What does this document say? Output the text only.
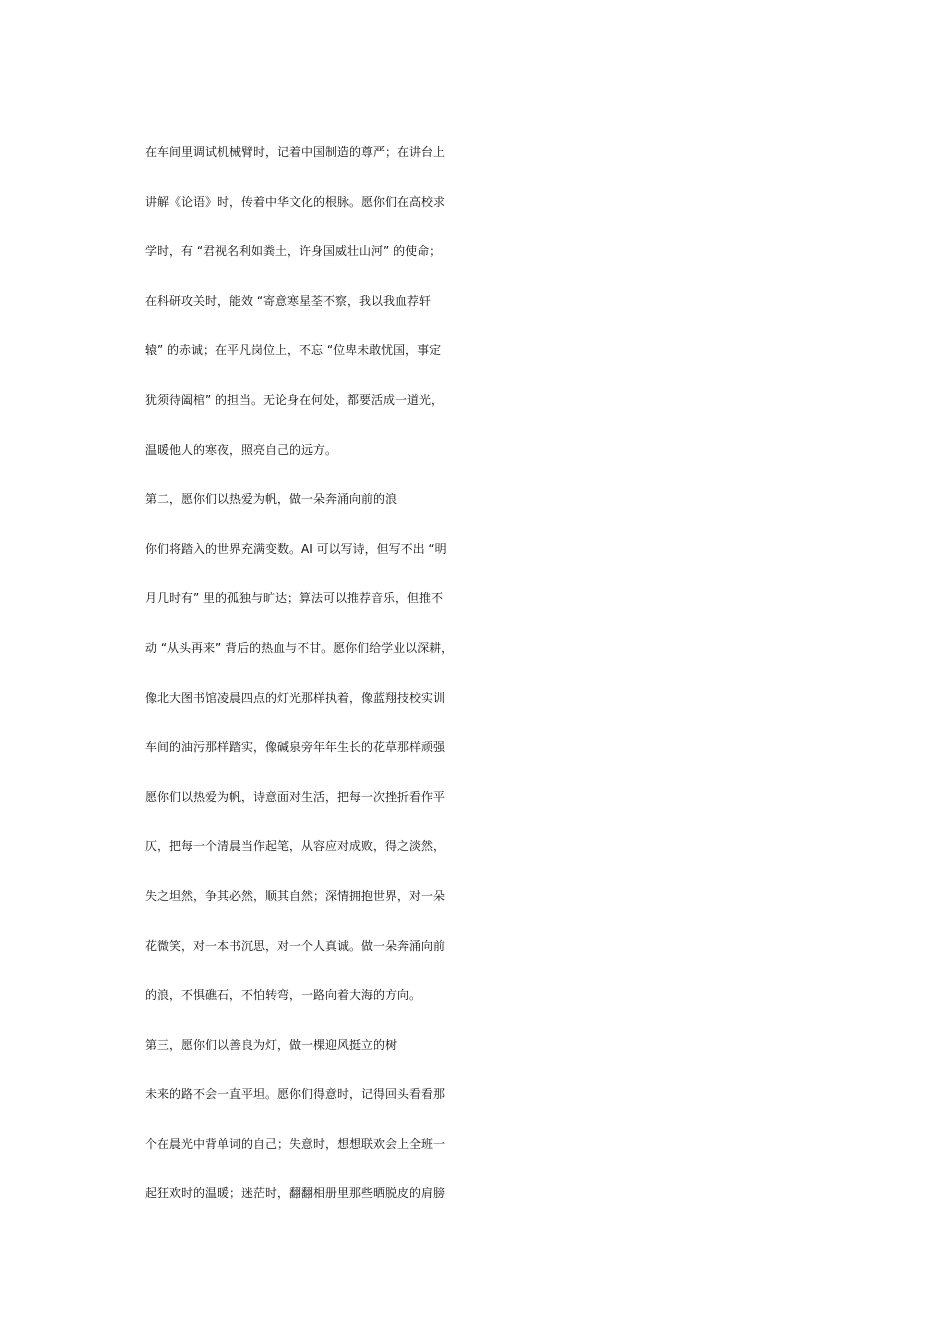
在车间里调试机械臂时，记着中国制造的尊严；在讲台上
讲解《论语》时，传着中华文化的根脉。愿你们在高校求
学时，有 “君视名利如粪土，许身国威壮山河” 的使命；
在科研攻关时，能效 “寄意寒星荃不察，我以我血荐轩
辕” 的赤诚；在平凡岗位上，不忘 “位卑未敢忧国，事定
犹须待阖棺” 的担当。无论身在何处，都要活成一道光，
温暖他人的寒夜，照亮自己的远方。
第二，愿你们以热爱为帆，做一朵奔涌向前的浪
你们将踏入的世界充满变数。AI 可以写诗，但写不出 “明
月几时有” 里的孤独与旷达；算法可以推荐音乐，但推不
动 “从头再来” 背后的热血与不甘。愿你们给学业以深耕，
像北大图书馆凌晨四点的灯光那样执着，像蓝翔技校实训
车间的油污那样踏实，像碱泉旁年年生长的花草那样顽强
愿你们以热爱为帆，诗意面对生活，把每一次挫折看作平
仄，把每一个清晨当作起笔，从容应对成败，得之淡然，
失之坦然，争其必然，顺其自然；深情拥抱世界，对一朵
花微笑，对一本书沉思，对一个人真诚。做一朵奔涌向前
的浪，不惧礁石，不怕转弯，一路向着大海的方向。
第三，愿你们以善良为灯，做一棵迎风挺立的树
未来的路不会一直平坦。愿你们得意时，记得回头看看那
个在晨光中背单词的自己；失意时，想想联欢会上全班一
起狂欢时的温暖；迷茫时，翻翻相册里那些晒脱皮的肩膀
